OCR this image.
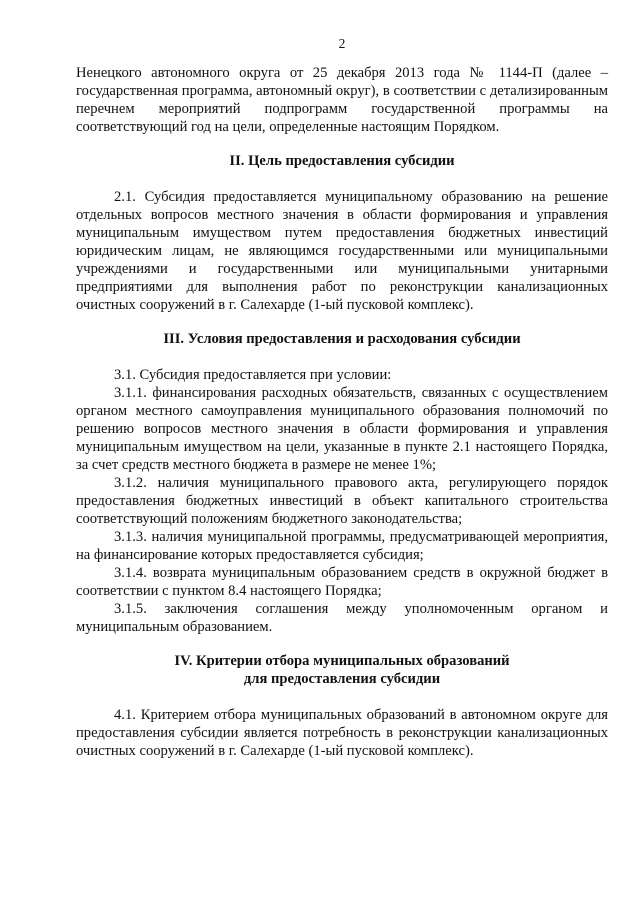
2

Ненецкого автономного округа от 25 декабря 2013 года № 1144-П (далее – государственная программа, автономный округ), в соответствии с детализированным перечнем мероприятий подпрограмм государственной программы на соответствующий год на цели, определенные настоящим Порядком.

II. Цель предоставления субсидии

2.1. Субсидия предоставляется муниципальному образованию на решение отдельных вопросов местного значения в области формирования и управления муниципальным имуществом путем предоставления бюджетных инвестиций юридическим лицам, не являющимся государственными или муниципальными учреждениями и государственными или муниципальными унитарными предприятиями для выполнения работ по реконструкции канализационных очистных сооружений в г. Салехарде (1-ый пусковой комплекс).

III. Условия предоставления и расходования субсидии

3.1. Субсидия предоставляется при условии:

3.1.1. финансирования расходных обязательств, связанных с осуществлением органом местного самоуправления муниципального образования полномочий по решению вопросов местного значения в области формирования и управления муниципальным имуществом на цели, указанные в пункте 2.1 настоящего Порядка, за счет средств местного бюджета в размере не менее 1%;

3.1.2. наличия муниципального правового акта, регулирующего порядок предоставления бюджетных инвестиций в объект капитального строительства соответствующий положениям бюджетного законодательства;

3.1.3. наличия муниципальной программы, предусматривающей мероприятия, на финансирование которых предоставляется субсидия;

3.1.4. возврата муниципальным образованием средств в окружной бюджет в соответствии с пунктом 8.4 настоящего Порядка;

3.1.5. заключения соглашения между уполномоченным органом и муниципальным образованием.

IV. Критерии отбора муниципальных образований
для предоставления субсидии

4.1. Критерием отбора муниципальных образований в автономном округе для предоставления субсидии является потребность в реконструкции канализационных очистных сооружений в г. Салехарде (1-ый пусковой комплекс).
